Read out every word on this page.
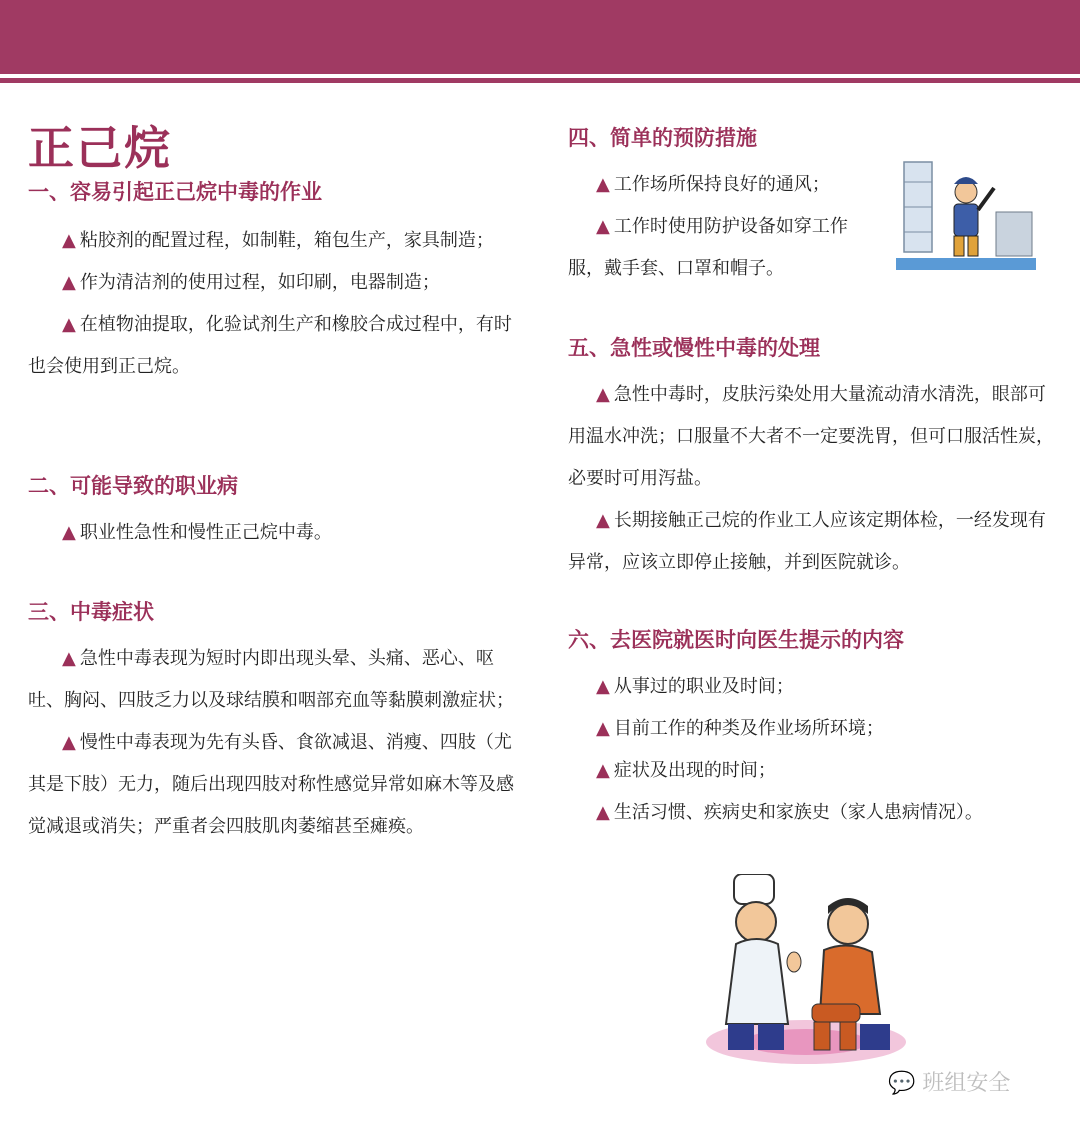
正己烷
一、容易引起正己烷中毒的作业

▲ 粘胶剂的配置过程，如制鞋，箱包生产，家具制造；

▲ 作为清洁剂的使用过程，如印刷，电器制造；

▲ 在植物油提取，化验试剂生产和橡胶合成过程中，有时也会使用到正己烷。

二、可能导致的职业病

▲ 职业性急性和慢性正己烷中毒。

三、中毒症状

▲ 急性中毒表现为短时内即出现头晕、头痛、恶心、呕吐、胸闷、四肢乏力以及球结膜和咽部充血等黏膜刺激症状；

▲ 慢性中毒表现为先有头昏、食欲减退、消瘦、四肢（尤其是下肢）无力，随后出现四肢对称性感觉异常如麻木等及感觉减退或消失；严重者会四肢肌肉萎缩甚至瘫痪。

四、简单的预防措施

▲ 工作场所保持良好的通风；

▲ 工作时使用防护设备如穿工作服，戴手套、口罩和帽子。

五、急性或慢性中毒的处理

▲ 急性中毒时，皮肤污染处用大量流动清水清洗，眼部可用温水冲洗；口服量不大者不一定要洗胃，但可口服活性炭，必要时可用泻盐。

▲ 长期接触正己烷的作业工人应该定期体检，一经发现有异常，应该立即停止接触，并到医院就诊。

六、去医院就医时向医生提示的内容

▲ 从事过的职业及时间；

▲ 目前工作的种类及作业场所环境；

▲ 症状及出现的时间；

▲ 生活习惯、疾病史和家族史（家人患病情况）。

💬 班组安全
